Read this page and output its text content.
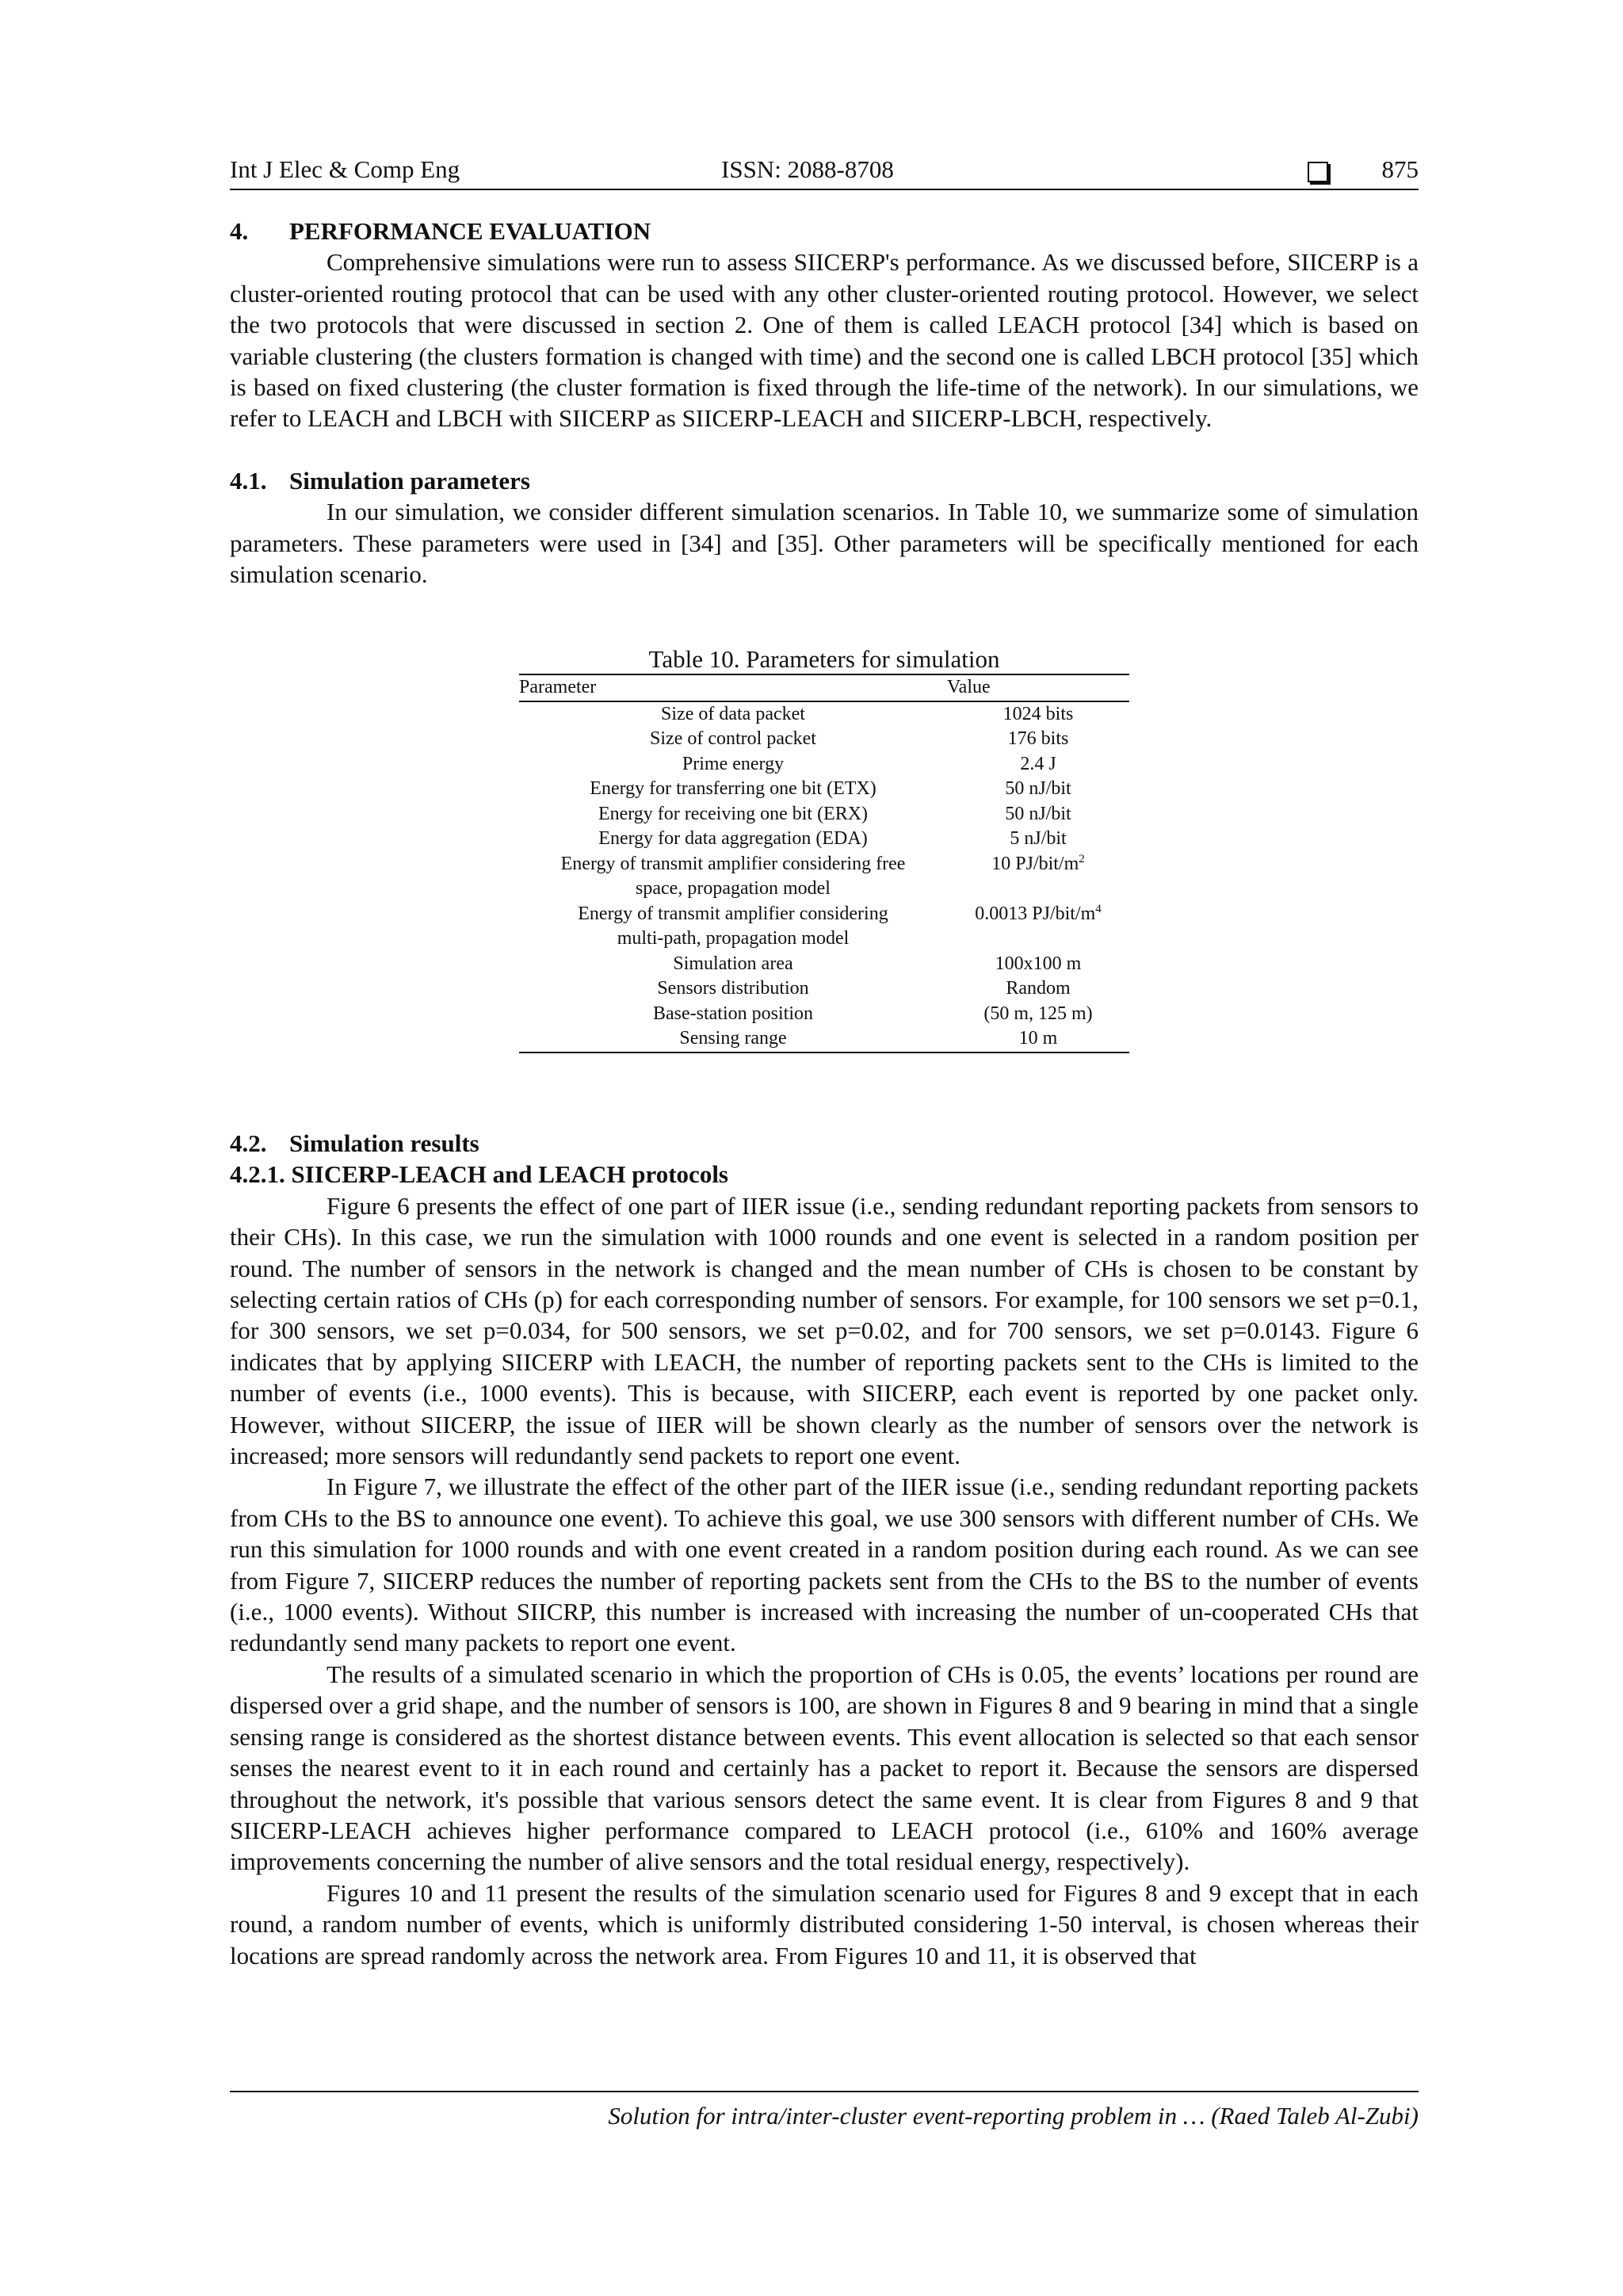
Int J Elec & Comp Eng	ISSN: 2088-8708	875
4. PERFORMANCE EVALUATION

Comprehensive simulations were run to assess SIICERP's performance. As we discussed before, SIICERP is a cluster-oriented routing protocol that can be used with any other cluster-oriented routing protocol. However, we select the two protocols that were discussed in section 2. One of them is called LEACH protocol [34] which is based on variable clustering (the clusters formation is changed with time) and the second one is called LBCH protocol [35] which is based on fixed clustering (the cluster formation is fixed through the life-time of the network). In our simulations, we refer to LEACH and LBCH with SIICERP as SIICERP-LEACH and SIICERP-LBCH, respectively.

4.1. Simulation parameters

In our simulation, we consider different simulation scenarios. In Table 10, we summarize some of simulation parameters. These parameters were used in [34] and [35]. Other parameters will be specifically mentioned for each simulation scenario.

Table 10. Parameters for simulation
Parameter	Value
Size of data packet	1024 bits
Size of control packet	176 bits
Prime energy	2.4 J
Energy for transferring one bit (ETX)	50 nJ/bit
Energy for receiving one bit (ERX)	50 nJ/bit
Energy for data aggregation (EDA)	5 nJ/bit
Energy of transmit amplifier considering free
space, propagation model	10 $PJ/bit/m^2$
Energy of transmit amplifier considering
multi-path, propagation model	0.0013 $PJ/bit/m^4$
Simulation area	100x100 m
Sensors distribution	Random
Base-station position	(50 m, 125 m)
Sensing range	10 m
4.2. Simulation results
4.2.1. SIICERP-LEACH and LEACH protocols

Figure 6 presents the effect of one part of IIER issue (i.e., sending redundant reporting packets from sensors to their CHs). In this case, we run the simulation with 1000 rounds and one event is selected in a random position per round. The number of sensors in the network is changed and the mean number of CHs is chosen to be constant by selecting certain ratios of CHs (p) for each corresponding number of sensors. For example, for 100 sensors we set p=0.1, for 300 sensors, we set p=0.034, for 500 sensors, we set p=0.02, and for 700 sensors, we set p=0.0143. Figure 6 indicates that by applying SIICERP with LEACH, the number of reporting packets sent to the CHs is limited to the number of events (i.e., 1000 events). This is because, with SIICERP, each event is reported by one packet only. However, without SIICERP, the issue of IIER will be shown clearly as the number of sensors over the network is increased; more sensors will redundantly send packets to report one event.

In Figure 7, we illustrate the effect of the other part of the IIER issue (i.e., sending redundant reporting packets from CHs to the BS to announce one event). To achieve this goal, we use 300 sensors with different number of CHs. We run this simulation for 1000 rounds and with one event created in a random position during each round. As we can see from Figure 7, SIICERP reduces the number of reporting packets sent from the CHs to the BS to the number of events (i.e., 1000 events). Without SIICRP, this number is increased with increasing the number of un-cooperated CHs that redundantly send many packets to report one event.

The results of a simulated scenario in which the proportion of CHs is 0.05, the events’ locations per round are dispersed over a grid shape, and the number of sensors is 100, are shown in Figures 8 and 9 bearing in mind that a single sensing range is considered as the shortest distance between events. This event allocation is selected so that each sensor senses the nearest event to it in each round and certainly has a packet to report it. Because the sensors are dispersed throughout the network, it's possible that various sensors detect the same event. It is clear from Figures 8 and 9 that SIICERP-LEACH achieves higher performance compared to LEACH protocol (i.e., 610% and 160% average improvements concerning the number of alive sensors and the total residual energy, respectively).

Figures 10 and 11 present the results of the simulation scenario used for Figures 8 and 9 except that in each round, a random number of events, which is uniformly distributed considering 1-50 interval, is chosen whereas their locations are spread randomly across the network area. From Figures 10 and 11, it is observed that

Solution for intra/inter-cluster event-reporting problem in … (Raed Taleb Al-Zubi)
